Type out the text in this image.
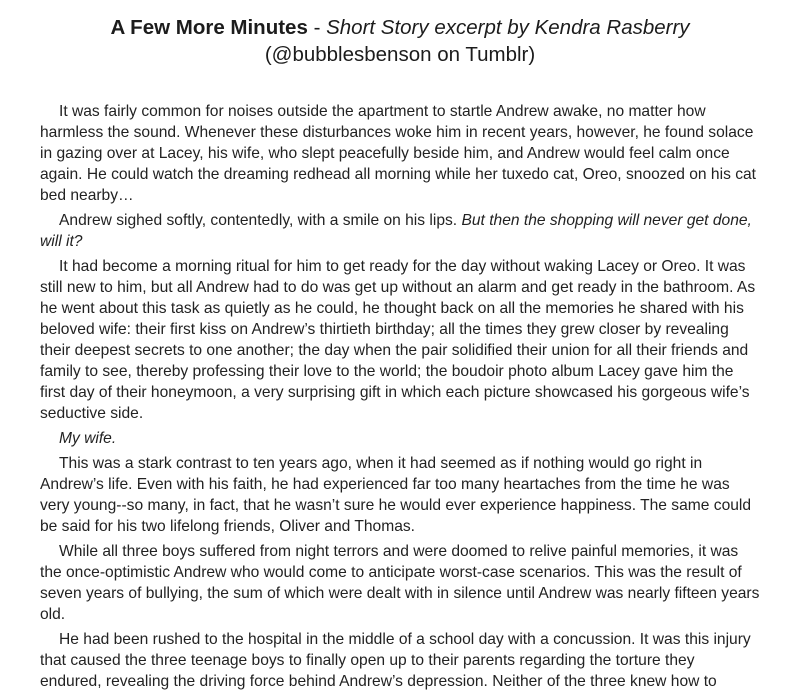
A Few More Minutes - Short Story excerpt by Kendra Rasberry
(@bubblesbenson on Tumblr)

It was fairly common for noises outside the apartment to startle Andrew awake, no matter how harmless the sound. Whenever these disturbances woke him in recent years, however, he found solace in gazing over at Lacey, his wife, who slept peacefully beside him, and Andrew would feel calm once again. He could watch the dreaming redhead all morning while her tuxedo cat, Oreo, snoozed on his cat bed nearby…

Andrew sighed softly, contentedly, with a smile on his lips. But then the shopping will never get done, will it?

It had become a morning ritual for him to get ready for the day without waking Lacey or Oreo. It was still new to him, but all Andrew had to do was get up without an alarm and get ready in the bathroom. As he went about this task as quietly as he could, he thought back on all the memories he shared with his beloved wife: their first kiss on Andrew’s thirtieth birthday; all the times they grew closer by revealing their deepest secrets to one another; the day when the pair solidified their union for all their friends and family to see, thereby professing their love to the world; the boudoir photo album Lacey gave him the first day of their honeymoon, a very surprising gift in which each picture showcased his gorgeous wife’s seductive side.

My wife.

This was a stark contrast to ten years ago, when it had seemed as if nothing would go right in Andrew’s life. Even with his faith, he had experienced far too many heartaches from the time he was very young--so many, in fact, that he wasn’t sure he would ever experience happiness. The same could be said for his two lifelong friends, Oliver and Thomas.

While all three boys suffered from night terrors and were doomed to relive painful memories, it was the once-optimistic Andrew who would come to anticipate worst-case scenarios. This was the result of seven years of bullying, the sum of which were dealt with in silence until Andrew was nearly fifteen years old.

He had been rushed to the hospital in the middle of a school day with a concussion. It was this injury that caused the three teenage boys to finally open up to their parents regarding the torture they endured, revealing the driving force behind Andrew’s depression. Neither of the three knew how to
